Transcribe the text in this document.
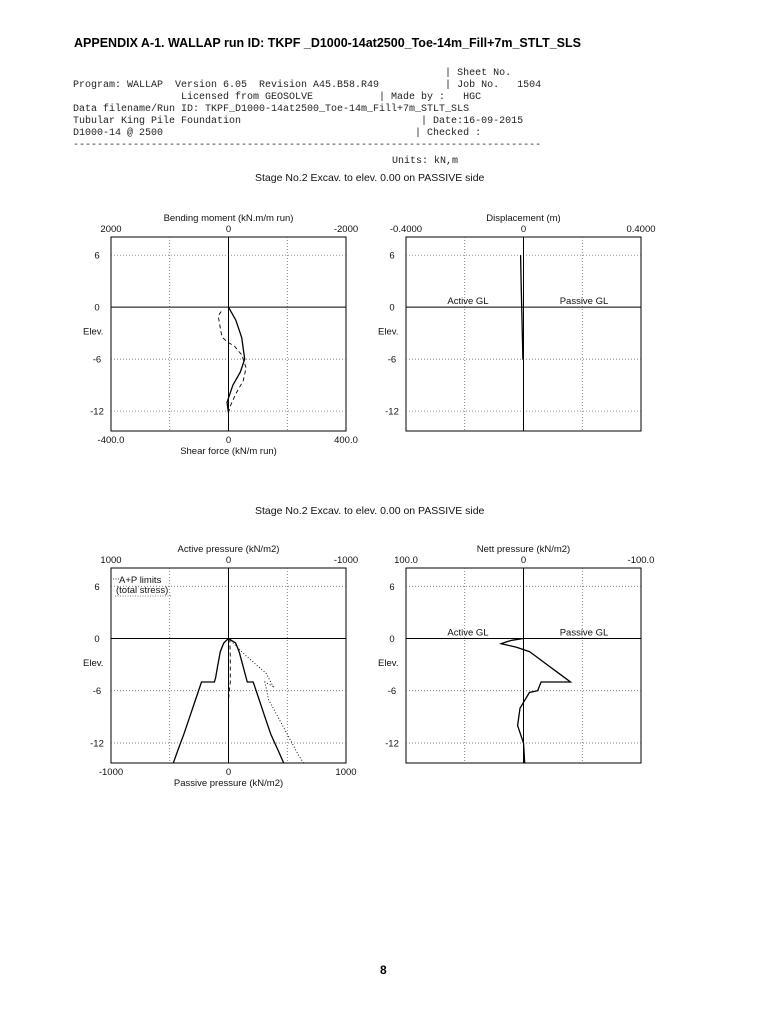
APPENDIX A-1. WALLAP run ID: TKPF _D1000-14at2500_Toe-14m_Fill+7m_STLT_SLS
| Sheet No.
Program: WALLAP  Version 6.05  Revision A45.B58.R49           | Job No.   1504
Licensed from GEOSOLVE           | Made by :   HGC
Data filename/Run ID: TKPF_D1000-14at2500_Toe-14m_Fill+7m_STLT_SLS
Tubular King Pile Foundation                              | Date:16-09-2015
D1000-14 @ 2500                                          | Checked :
------------------------------------------------------------------------------
Units: kN,m
Stage No.2 Excav. to elev. 0.00 on PASSIVE side
Stage No.2 Excav. to elev. 0.00 on PASSIVE side
6
0
-6
-12
Bending moment (kN.m/m run)
2000	0	-2000
-400.0	0	400.0
Shear force (kN/m run)
Elev.
6
0
-6
-12
Displacement (m)
-0.4000	0	0.4000
Elev.
Active GL	Passive GL
6
0
-6
-12
Active pressure (kN/m2)
1000	0	-1000
-1000	0	1000
Passive pressure (kN/m2)
Elev.
A+P limits
(total stress)	6
0
-6
-12
Nett pressure (kN/m2)
100.0	0	-100.0
Elev.
Active GL	Passive GL
8
